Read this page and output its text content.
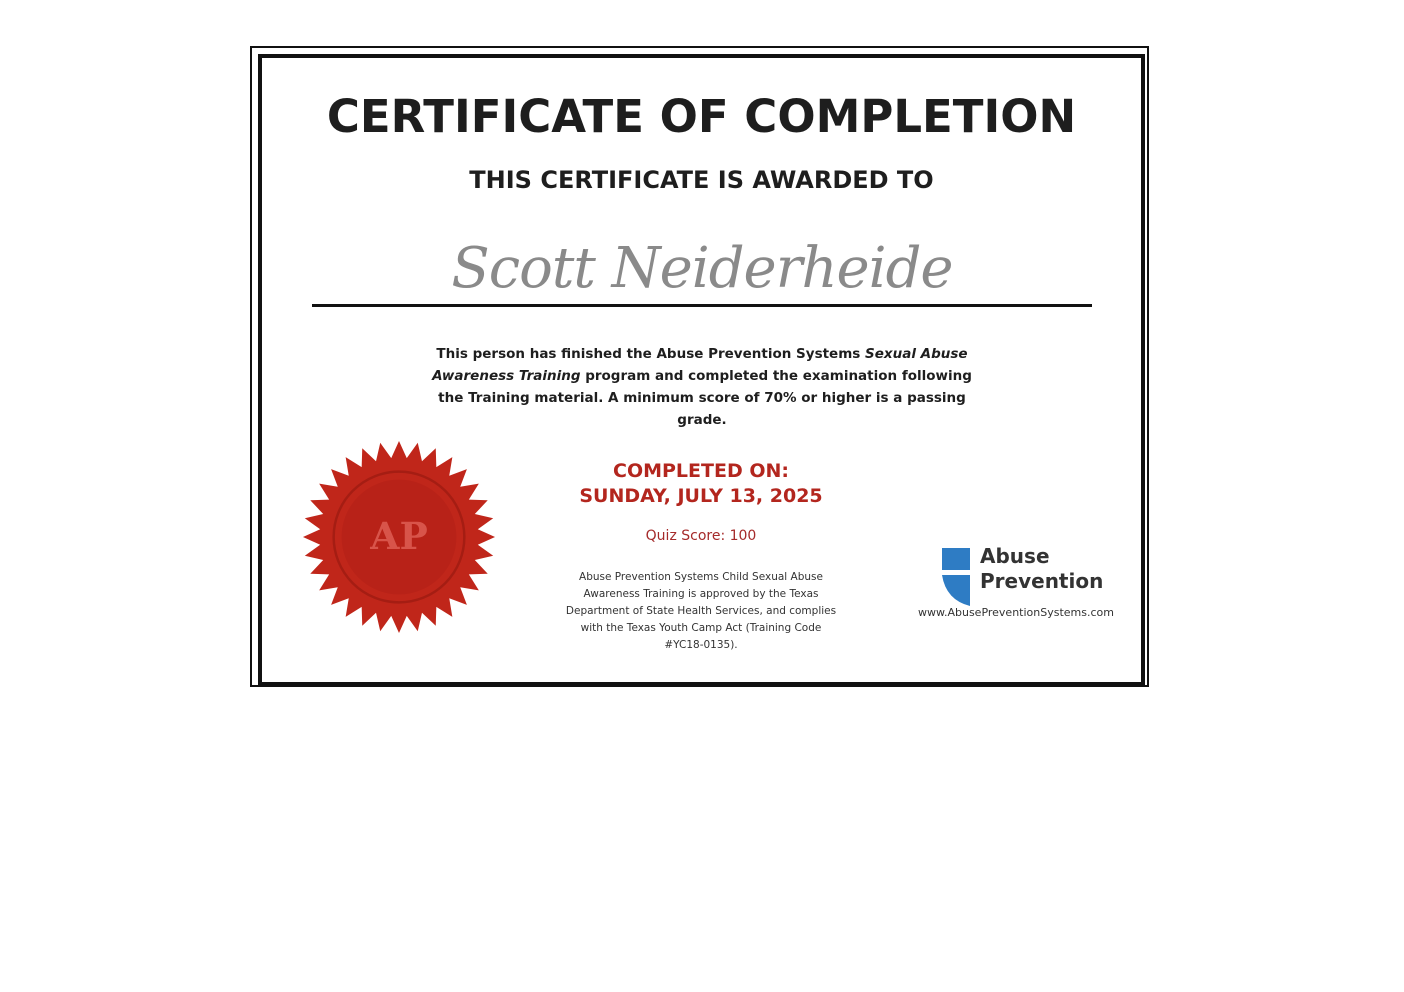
CERTIFICATE OF COMPLETION
THIS CERTIFICATE IS AWARDED TO
Scott Neiderheide
This person has finished the Abuse Prevention Systems Sexual Abuse Awareness Training program and completed the examination following the Training material. A minimum score of 70% or higher is a passing grade.
AP
COMPLETED ON:
SUNDAY, JULY 13, 2025
Quiz Score: 100
Abuse Prevention Systems Child Sexual Abuse Awareness Training is approved by the Texas Department of State Health Services, and complies with the Texas Youth Camp Act (Training Code #YC18-0135).
Abuse
Prevention
www.AbusePreventionSystems.com
